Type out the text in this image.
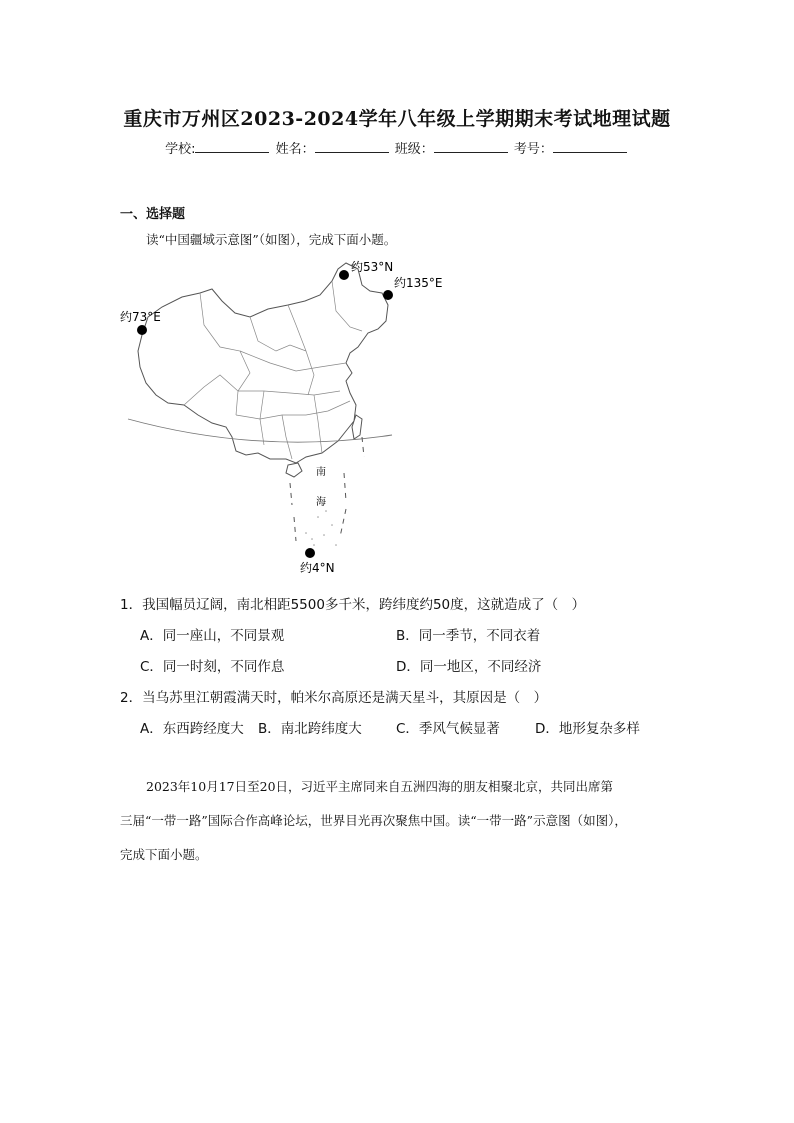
重庆市万州区2023-2024学年八年级上学期期末考试地理试题
学校:	姓名：	班级：	考号：
一、选择题
读“中国疆域示意图”（如图），完成下面小题。
南
海
约53°N
约135°E
约73°E
约4°N
1．我国幅员辽阔，南北相距5500多千米，跨纬度约50度，这就造成了（　）
A．同一座山，不同景观	B．同一季节，不同衣着
C．同一时刻，不同作息	D．同一地区，不同经济
2．当乌苏里江朝霞满天时，帕米尔高原还是满天星斗，其原因是（　）
A．东西跨经度大 B．南北跨纬度大	C．季风气候显著	D．地形复杂多样
2023年10月17日至20日，习近平主席同来自五洲四海的朋友相聚北京，共同出席第
三届“一带一路”国际合作高峰论坛，世界目光再次聚焦中国。读“一带一路”示意图（如图），
完成下面小题。
